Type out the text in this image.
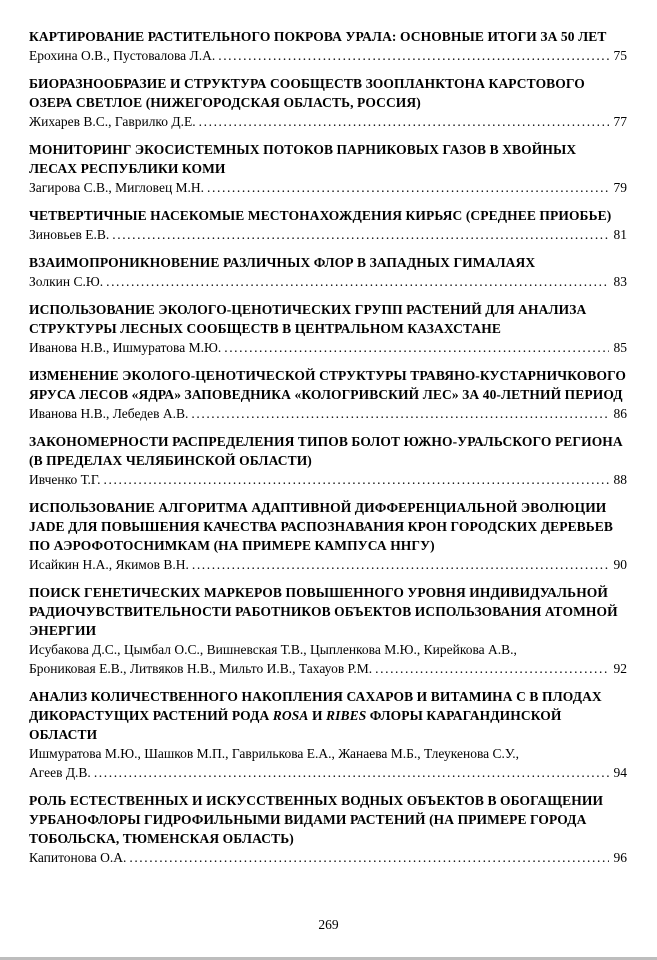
КАРТИРОВАНИЕ РАСТИТЕЛЬНОГО ПОКРОВА УРАЛА: ОСНОВНЫЕ ИТОГИ ЗА 50 ЛЕТ

Ерохина О.В., Пустовалова Л.А. .....	75

БИОРАЗНООБРАЗИЕ И СТРУКТУРА СООБЩЕСТВ ЗООПЛАНКТОНА КАРСТОВОГО ОЗЕРА СВЕТЛОЕ (НИЖЕГОРОДСКАЯ ОБЛАСТЬ, РОССИЯ)

Жихарев В.С., Гаврилко Д.Е. .....	77

МОНИТОРИНГ ЭКОСИСТЕМНЫХ ПОТОКОВ ПАРНИКОВЫХ ГАЗОВ В ХВОЙНЫХ ЛЕСАХ РЕСПУБЛИКИ КОМИ

Загирова С.В., Мигловец М.Н. .....	79

ЧЕТВЕРТИЧНЫЕ НАСЕКОМЫЕ МЕСТОНАХОЖДЕНИЯ КИРЬЯС (СРЕДНЕЕ ПРИОБЬЕ)

Зиновьев Е.В. .....	81

ВЗАИМОПРОНИКНОВЕНИЕ РАЗЛИЧНЫХ ФЛОР В ЗАПАДНЫХ ГИМАЛАЯХ

Золкин С.Ю. .....	83

ИСПОЛЬЗОВАНИЕ ЭКОЛОГО-ЦЕНОТИЧЕСКИХ ГРУПП РАСТЕНИЙ ДЛЯ АНАЛИЗА СТРУКТУРЫ ЛЕСНЫХ СООБЩЕСТВ В ЦЕНТРАЛЬНОМ КАЗАХСТАНЕ

Иванова Н.В., Ишмуратова М.Ю. .....	85

ИЗМЕНЕНИЕ ЭКОЛОГО-ЦЕНОТИЧЕСКОЙ СТРУКТУРЫ ТРАВЯНО-КУСТАРНИЧКОВОГО ЯРУСА ЛЕСОВ «ЯДРА» ЗАПОВЕДНИКА «КОЛОГРИВСКИЙ ЛЕС» ЗА 40-ЛЕТНИЙ ПЕРИОД

Иванова Н.В., Лебедев А.В. .....	86

ЗАКОНОМЕРНОСТИ РАСПРЕДЕЛЕНИЯ ТИПОВ БОЛОТ ЮЖНО-УРАЛЬСКОГО РЕГИОНА (В ПРЕДЕЛАХ ЧЕЛЯБИНСКОЙ ОБЛАСТИ)

Ивченко Т.Г. .....	88

ИСПОЛЬЗОВАНИЕ АЛГОРИТМА АДАПТИВНОЙ ДИФФЕРЕНЦИАЛЬНОЙ ЭВОЛЮЦИИ JADE ДЛЯ ПОВЫШЕНИЯ КАЧЕСТВА РАСПОЗНАВАНИЯ КРОН ГОРОДСКИХ ДЕРЕВЬЕВ ПО АЭРОФОТОСНИМКАМ (НА ПРИМЕРЕ КАМПУСА ННГУ)

Исайкин Н.А., Якимов В.Н. .....	90

ПОИСК ГЕНЕТИЧЕСКИХ МАРКЕРОВ ПОВЫШЕННОГО УРОВНЯ ИНДИВИДУАЛЬНОЙ РАДИОЧУВСТВИТЕЛЬНОСТИ РАБОТНИКОВ ОБЪЕКТОВ ИСПОЛЬЗОВАНИЯ АТОМНОЙ ЭНЕРГИИ

Исубакова Д.С., Цымбал О.С., Вишневская Т.В., Цыпленкова М.Ю., Кирейкова А.В.,

Брониковая Е.В., Литвяков Н.В., Мильто И.В., Тахауов Р.М. .....	92

АНАЛИЗ КОЛИЧЕСТВЕННОГО НАКОПЛЕНИЯ САХАРОВ И ВИТАМИНА С В ПЛОДАХ ДИКОРАСТУЩИХ РАСТЕНИЙ РОДА ROSA И RIBES ФЛОРЫ КАРАГАНДИНСКОЙ ОБЛАСТИ

Ишмуратова М.Ю., Шашков М.П., Гаврилькова Е.А., Жанаева М.Б., Тлеукенова С.У.,

Агеев Д.В. .....	94

РОЛЬ ЕСТЕСТВЕННЫХ И ИСКУССТВЕННЫХ ВОДНЫХ ОБЪЕКТОВ В ОБОГАЩЕНИИ УРБАНОФЛОРЫ ГИДРОФИЛЬНЫМИ ВИДАМИ РАСТЕНИЙ (НА ПРИМЕРЕ ГОРОДА ТОБОЛЬСКА, ТЮМЕНСКАЯ ОБЛАСТЬ)

Капитонова О.А. .....	96

269
